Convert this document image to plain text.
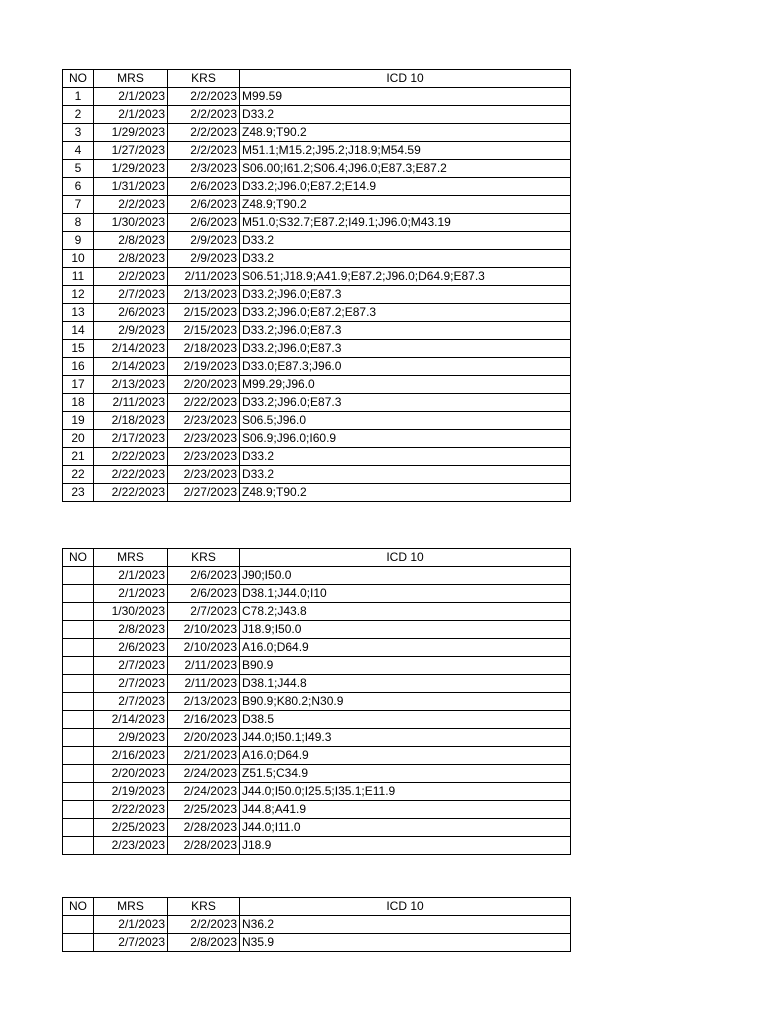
NO	MRS	KRS	ICD 10
1	2/1/2023	2/2/2023	M99.59
2	2/1/2023	2/2/2023	D33.2
3	1/29/2023	2/2/2023	Z48.9;T90.2
4	1/27/2023	2/2/2023	M51.1;M15.2;J95.2;J18.9;M54.59
5	1/29/2023	2/3/2023	S06.00;I61.2;S06.4;J96.0;E87.3;E87.2
6	1/31/2023	2/6/2023	D33.2;J96.0;E87.2;E14.9
7	2/2/2023	2/6/2023	Z48.9;T90.2
8	1/30/2023	2/6/2023	M51.0;S32.7;E87.2;I49.1;J96.0;M43.19
9	2/8/2023	2/9/2023	D33.2
10	2/8/2023	2/9/2023	D33.2
11	2/2/2023	2/11/2023	S06.51;J18.9;A41.9;E87.2;J96.0;D64.9;E87.3
12	2/7/2023	2/13/2023	D33.2;J96.0;E87.3
13	2/6/2023	2/15/2023	D33.2;J96.0;E87.2;E87.3
14	2/9/2023	2/15/2023	D33.2;J96.0;E87.3
15	2/14/2023	2/18/2023	D33.2;J96.0;E87.3
16	2/14/2023	2/19/2023	D33.0;E87.3;J96.0
17	2/13/2023	2/20/2023	M99.29;J96.0
18	2/11/2023	2/22/2023	D33.2;J96.0;E87.3
19	2/18/2023	2/23/2023	S06.5;J96.0
20	2/17/2023	2/23/2023	S06.9;J96.0;I60.9
21	2/22/2023	2/23/2023	D33.2
22	2/22/2023	2/23/2023	D33.2
23	2/22/2023	2/27/2023	Z48.9;T90.2
NO	MRS	KRS	ICD 10
	2/1/2023	2/6/2023	J90;I50.0
	2/1/2023	2/6/2023	D38.1;J44.0;I10
	1/30/2023	2/7/2023	C78.2;J43.8
	2/8/2023	2/10/2023	J18.9;I50.0
	2/6/2023	2/10/2023	A16.0;D64.9
	2/7/2023	2/11/2023	B90.9
	2/7/2023	2/11/2023	D38.1;J44.8
	2/7/2023	2/13/2023	B90.9;K80.2;N30.9
	2/14/2023	2/16/2023	D38.5
	2/9/2023	2/20/2023	J44.0;I50.1;I49.3
	2/16/2023	2/21/2023	A16.0;D64.9
	2/20/2023	2/24/2023	Z51.5;C34.9
	2/19/2023	2/24/2023	J44.0;I50.0;I25.5;I35.1;E11.9
	2/22/2023	2/25/2023	J44.8;A41.9
	2/25/2023	2/28/2023	J44.0;I11.0
	2/23/2023	2/28/2023	J18.9
NO	MRS	KRS	ICD 10
	2/1/2023	2/2/2023	N36.2
	2/7/2023	2/8/2023	N35.9
